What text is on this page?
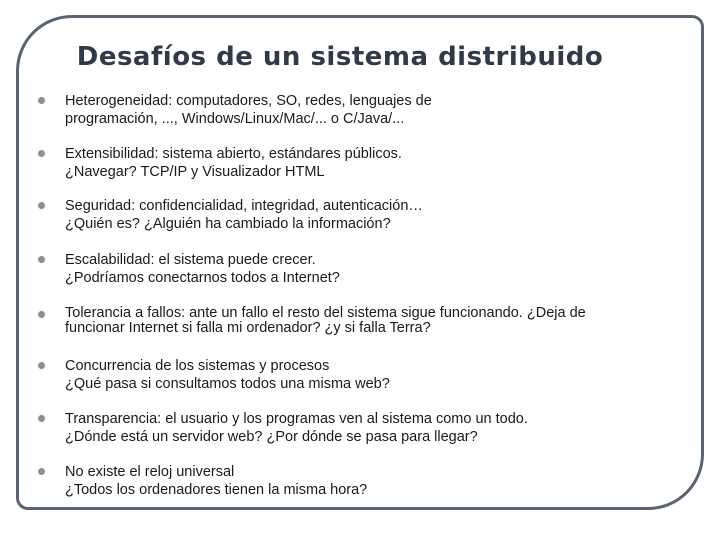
Desafíos de un sistema distribuido
Heterogeneidad: computadores, SO, redes, lenguajes de
programación, ..., Windows/Linux/Mac/... o C/Java/...
Extensibilidad: sistema abierto, estándares públicos.
¿Navegar? TCP/IP y Visualizador HTML
Seguridad: confidencialidad, integridad, autenticación…
¿Quién es? ¿Alguién ha cambiado la información?
Escalabilidad: el sistema puede crecer.
¿Podríamos conectarnos todos a Internet?
Tolerancia a fallos: ante un fallo el resto del sistema sigue funcionando. ¿Deja de
funcionar Internet si falla mi ordenador? ¿y si falla Terra?
Concurrencia de los sistemas y procesos
¿Qué pasa si consultamos todos una misma web?
Transparencia: el usuario y los programas ven al sistema como un todo.
¿Dónde está un servidor web? ¿Por dónde se pasa para llegar?
No existe el reloj universal
¿Todos los ordenadores tienen la misma hora?
